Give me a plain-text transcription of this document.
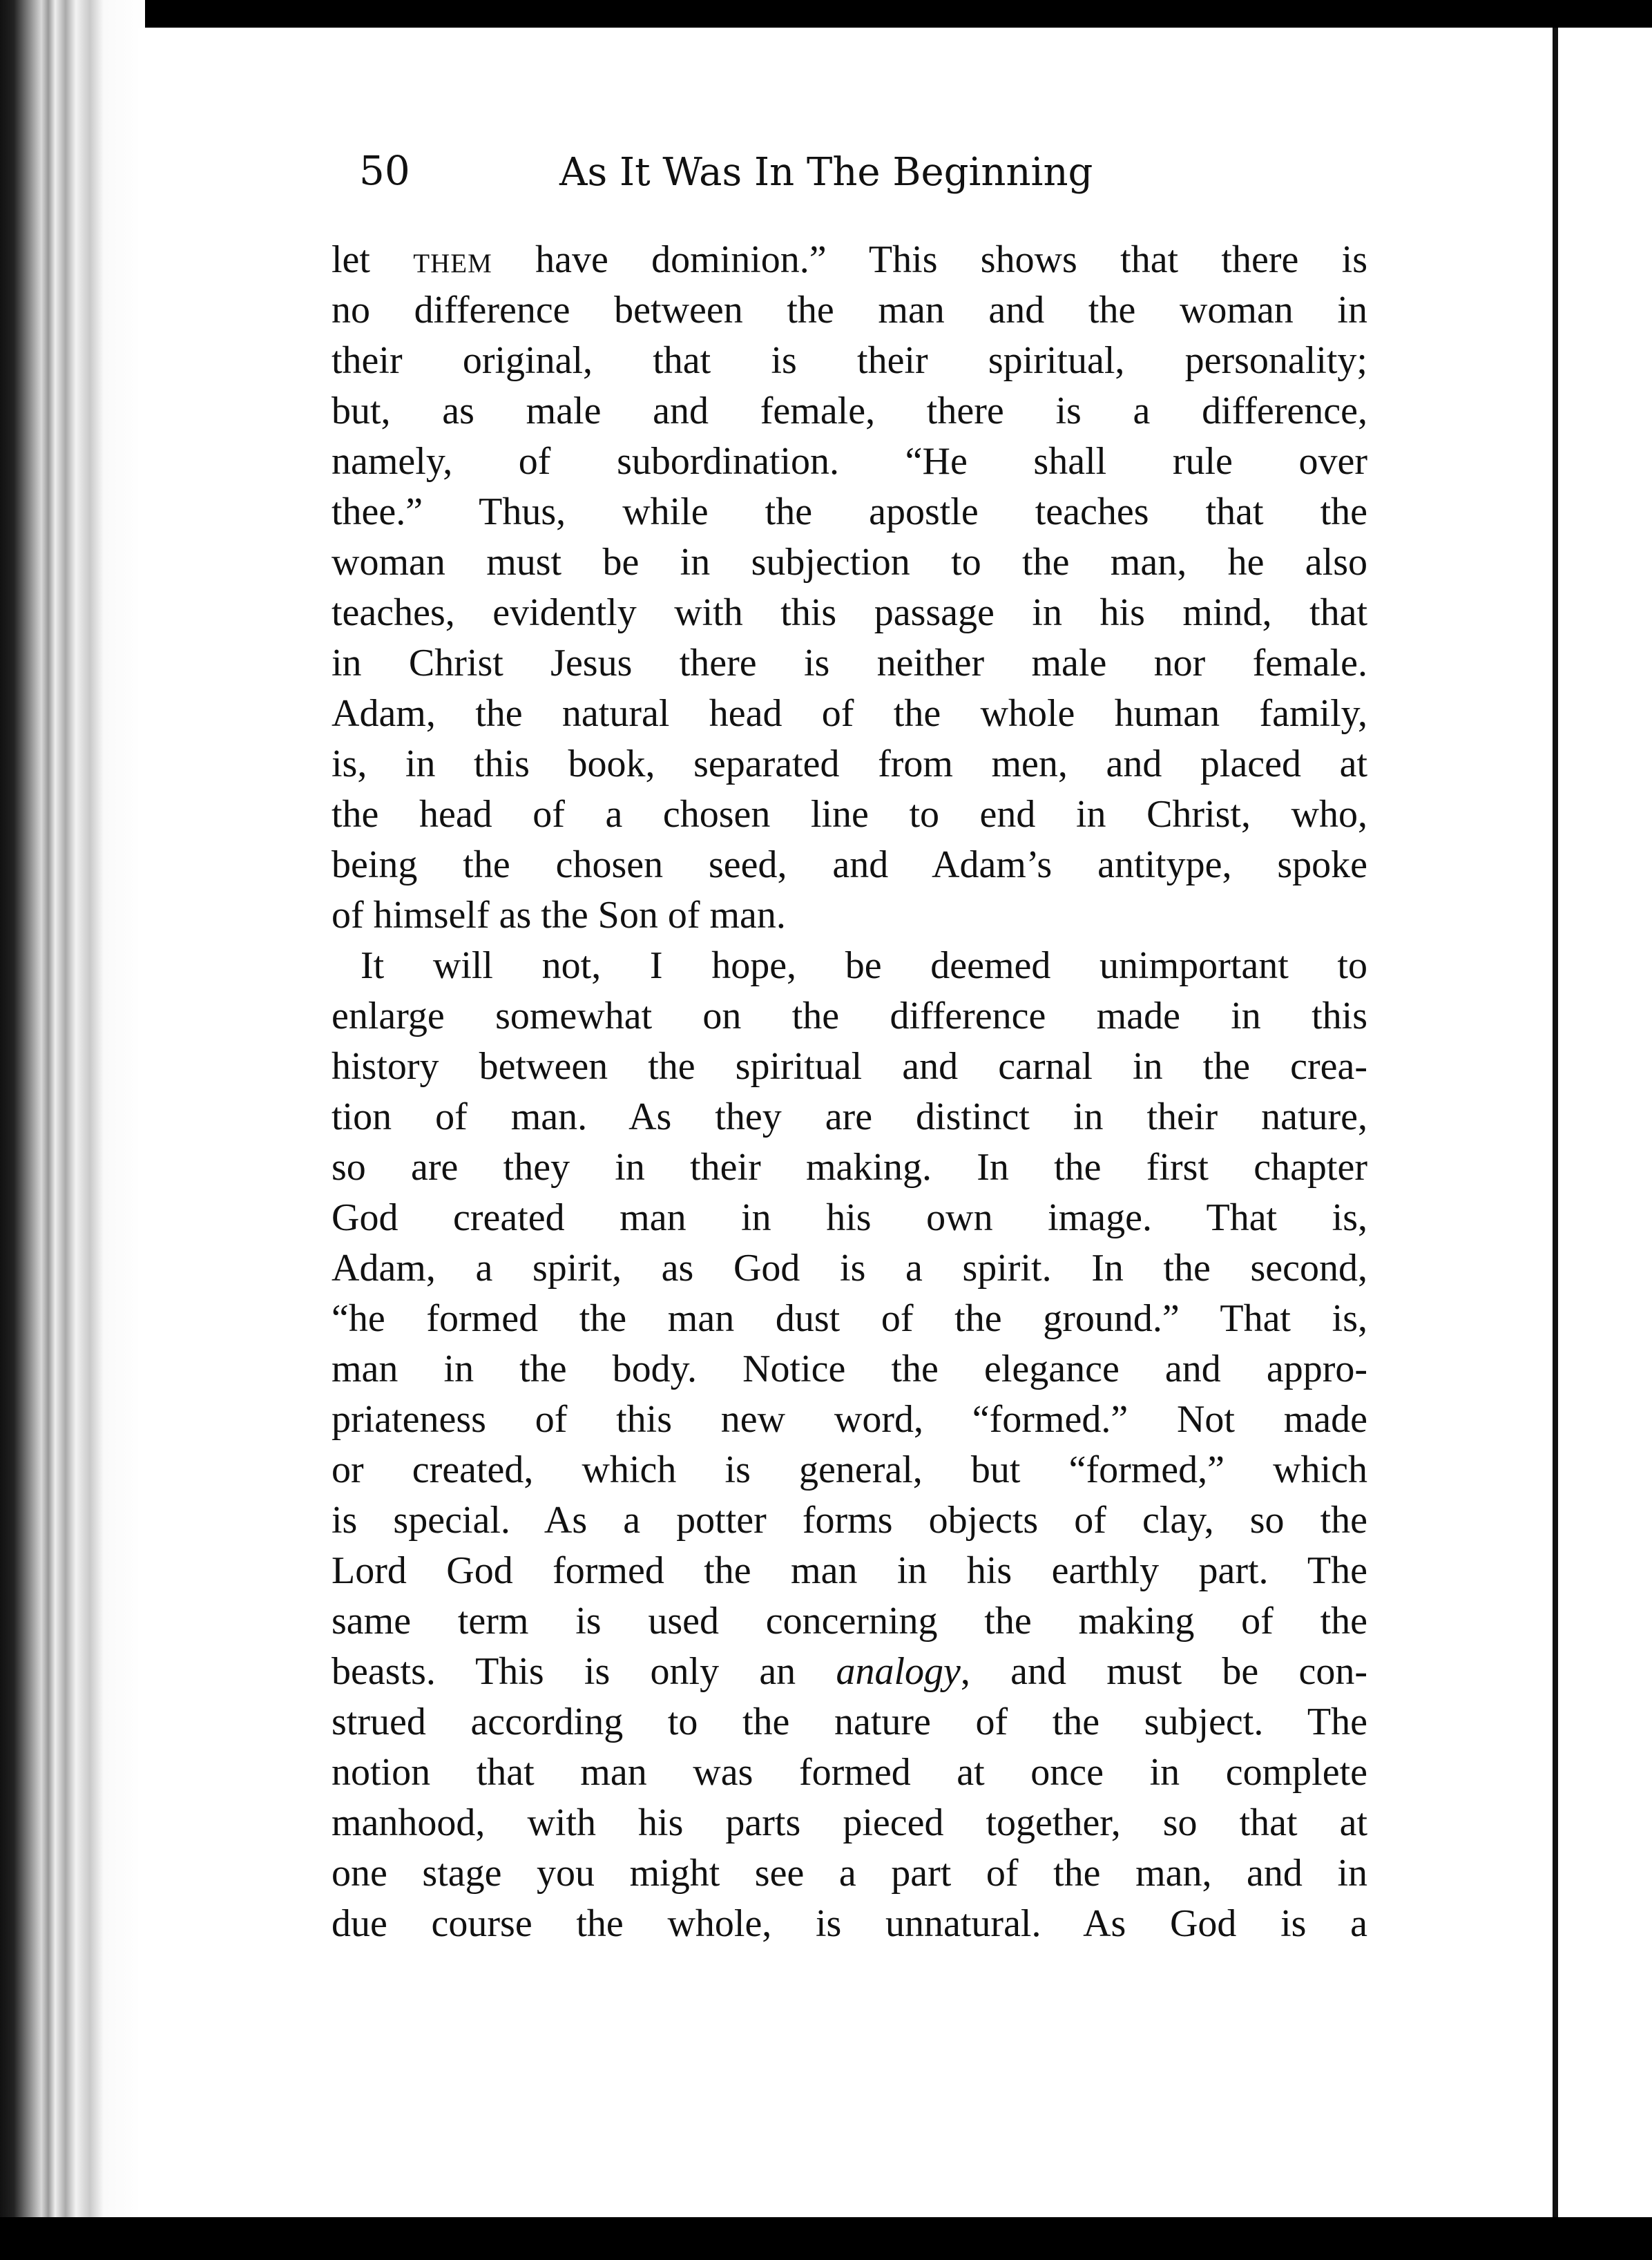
50	As It Was In The Beginning
let them have dominion.” This shows that there is
no difference between the man and the woman in
their original, that is their spiritual, personality;
but, as male and female, there is a difference,
namely, of subordination. “He shall rule over
thee.” Thus, while the apostle teaches that the
woman must be in subjection to the man, he also
teaches, evidently with this passage in his mind, that
in Christ Jesus there is neither male nor female.
Adam, the natural head of the whole human family,
is, in this book, separated from men, and placed at
the head of a chosen line to end in Christ, who,
being the chosen seed, and Adam’s antitype, spoke
of himself as the Son of man.
It will not, I hope, be deemed unimportant to
enlarge somewhat on the difference made in this
history between the spiritual and carnal in the crea-
tion of man. As they are distinct in their nature,
so are they in their making. In the first chapter
God created man in his own image. That is,
Adam, a spirit, as God is a spirit. In the second,
“he formed the man dust of the ground.” That is,
man in the body. Notice the elegance and appro-
priateness of this new word, “formed.” Not made
or created, which is general, but “formed,” which
is special. As a potter forms objects of clay, so the
Lord God formed the man in his earthly part. The
same term is used concerning the making of the
beasts. This is only an analogy, and must be con-
strued according to the nature of the subject. The
notion that man was formed at once in complete
manhood, with his parts pieced together, so that at
one stage you might see a part of the man, and in
due course the whole, is unnatural. As God is a
